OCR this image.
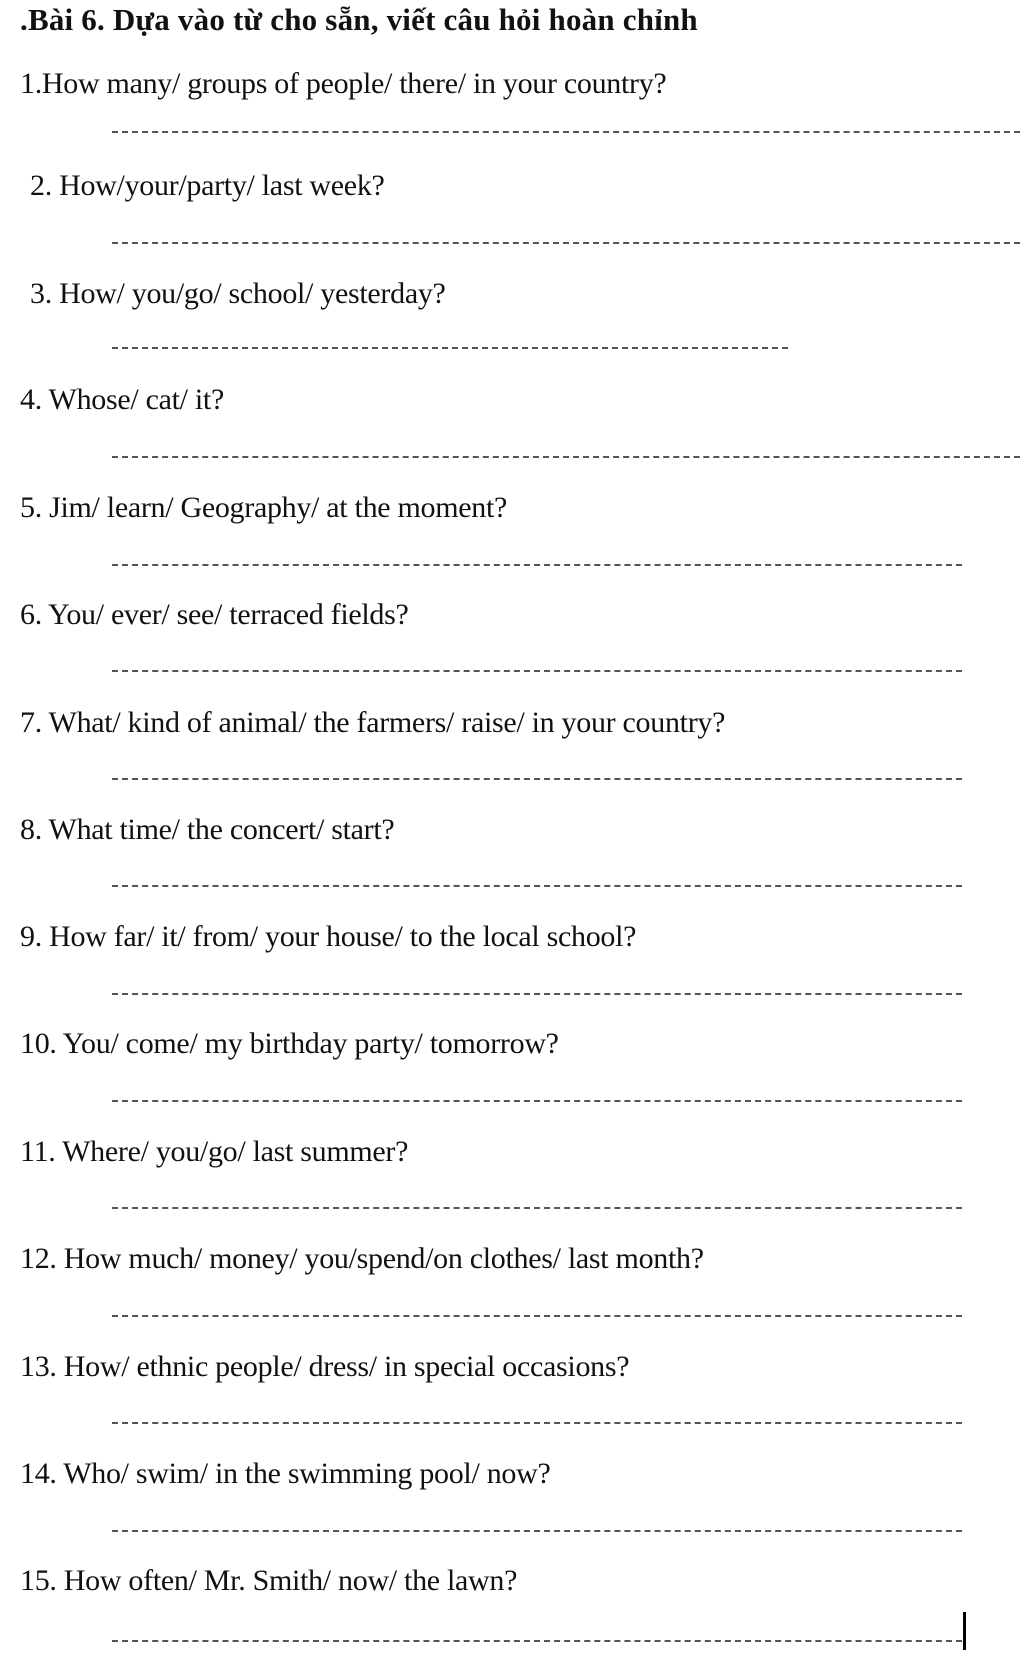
.Bài 6. Dựa vào từ cho sẵn, viết câu hỏi hoàn chỉnh
1.How many/ groups of people/ there/ in your country?
2. How/your/party/ last week?
3. How/ you/go/ school/ yesterday?
4. Whose/ cat/ it?
5. Jim/ learn/ Geography/ at the moment?
6. You/ ever/ see/ terraced fields?
7. What/ kind of animal/ the farmers/ raise/ in your country?
8. What time/ the concert/ start?
9. How far/ it/ from/ your house/ to the local school?
10. You/ come/ my birthday party/ tomorrow?
11. Where/ you/go/ last summer?
12. How much/ money/ you/spend/on clothes/ last month?
13. How/ ethnic people/ dress/ in special occasions?
14. Who/ swim/ in the swimming pool/ now?
15. How often/ Mr. Smith/ now/ the lawn?
